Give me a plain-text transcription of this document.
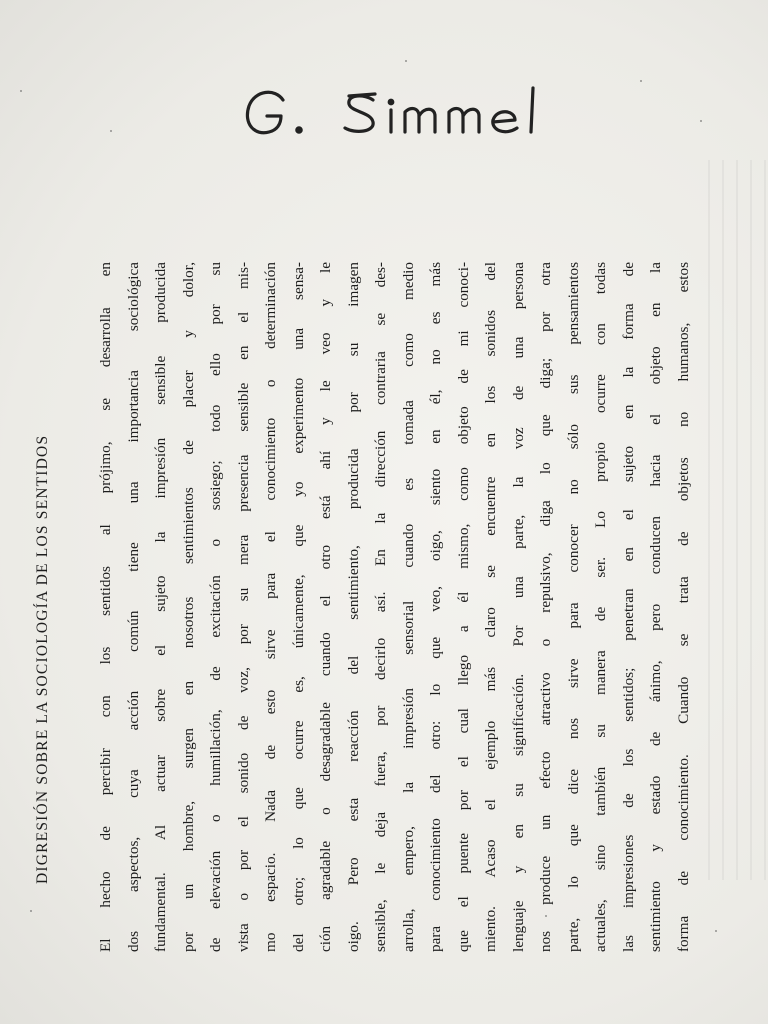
DIGRESIÓN SOBRE LA SOCIOLOGÍA DE LOS SENTIDOS	El hecho de percibir con los sentidos al prójimo, se desarrolla en dos aspectos, cuya acción común tiene una importancia sociológica fundamental. Al actuar sobre el sujeto la impresión sensible producida por un hombre, surgen en nosotros sentimientos de placer y dolor, de elevación o humillación, de excitación o sosiego; todo ello por su vista o por el sonido de voz, por su mera presencia sensible en el mis- mo espacio. Nada de esto sirve para el conocimiento o determinación del otro; lo que ocurre es, únicamente, que yo experimento una sensa- ción agradable o desagradable cuando el otro está ahí y le veo y le oigo. Pero esta reacción del sentimiento, producida por su imagen sensible, le deja fuera, por decirlo así. En la dirección contraria se des- arrolla, empero, la impresión sensorial cuando es tomada como medio para conocimiento del otro: lo que veo, oigo, siento en él, no es más que el puente por el cual llego a él mismo, como objeto de mi conoci- miento. Acaso el ejemplo más claro se encuentre en los sonidos del lenguaje y en su significación. Por una parte, la voz de una persona nos produce un efecto atractivo o repulsivo, diga lo que diga; por otra parte, lo que dice nos sirve para conocer no sólo sus pensamientos actuales, sino también su manera de ser. Lo propio ocurre con todas las impresiones de los sentidos; penetran en el sujeto en la forma de sentimiento y estado de ánimo, pero conducen hacia el objeto en la forma de conocimiento. Cuando se trata de objetos no humanos, estos
